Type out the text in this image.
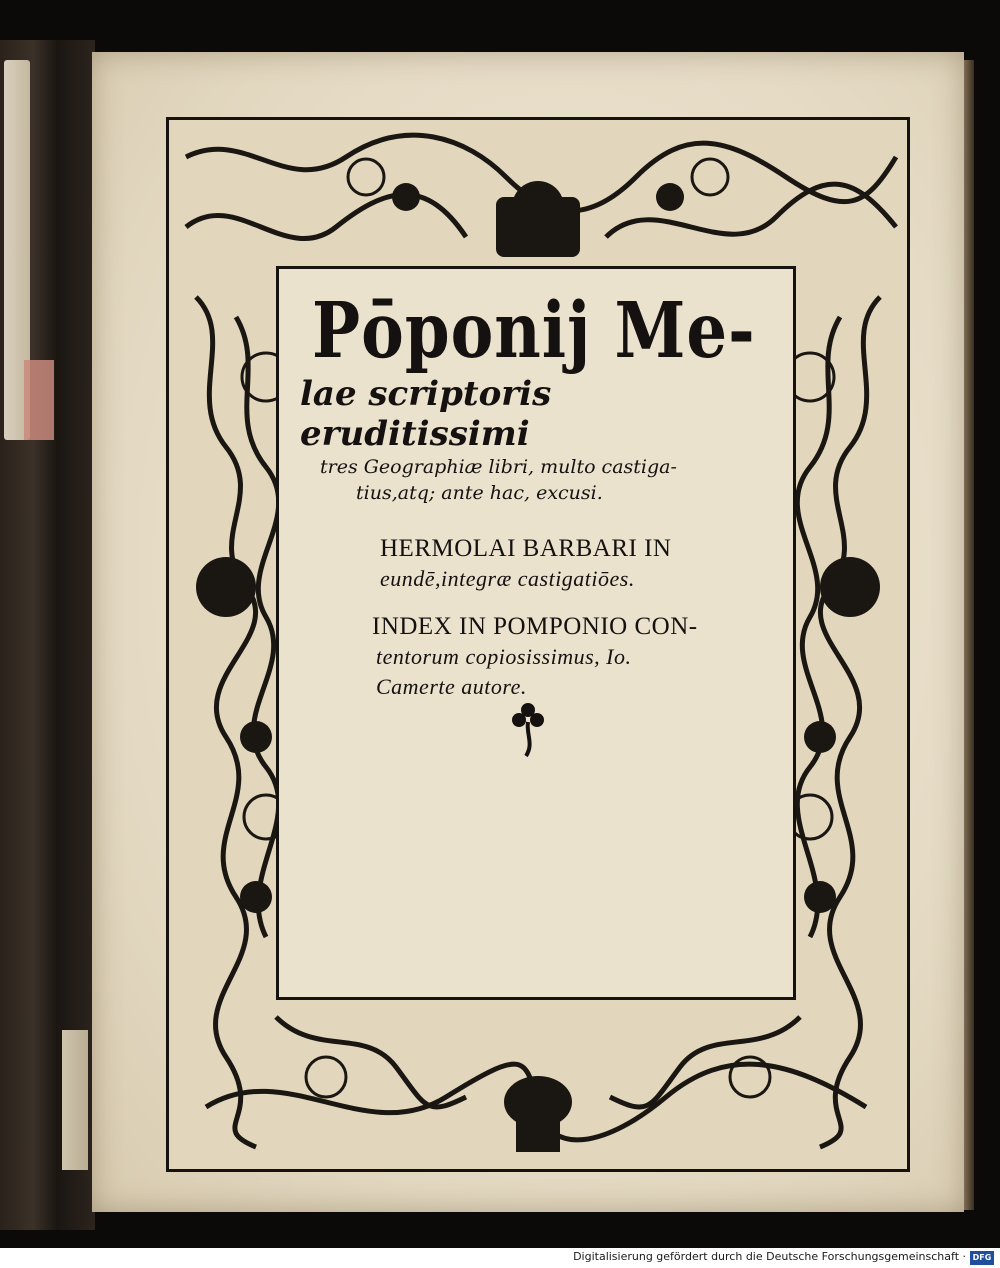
Pōponij Me-
lae scriptoris eruditissimi
tres Geographiæ libri, multo castiga-
tius,atq; ante hac, excusi.
HERMOLAI BARBARI IN
eundē,integræ castigatiōes.
INDEX IN POMPONIO CON-
tentorum copiosissimus, Io.
Camerte autore.
Digitalisierung gefördert durch die Deutsche Forschungsgemeinschaft · DFG
